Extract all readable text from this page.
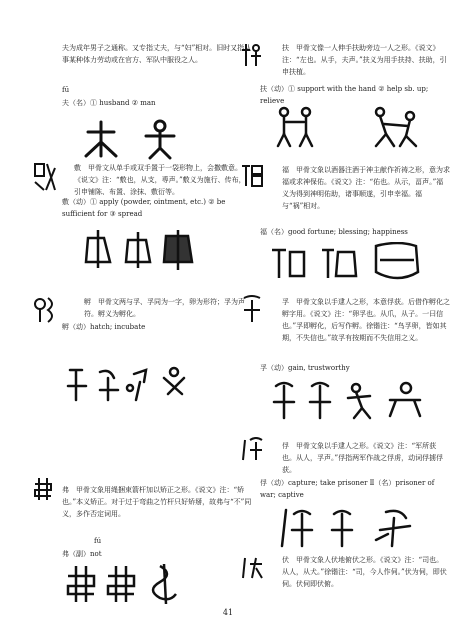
夫为成年男子之通称。又专指丈夫，与“妇”相对。旧时又指从事某种体力劳动或在官方、军队中服役之人。
fū
夫（名）① husband ② man
敷　甲骨文从单手或双手置于一袋形物上，会撒敷意。《说文》注：“敷也，从支，尃声。”敷义为施行、传布，引申铺陈、布置、涂抹、敷衍等。
敷（动）① apply (powder, ointment, etc.) ② be sufficient for ③ spread
孵　甲骨文两与孚、孚同为一字，卵为形符；孚为声符。孵义为孵化。
孵（动）hatch; incubate
弗　甲骨文象用绳捆束箭杆加以矫正之形。《说文》注：“矫也。”本义矫正。对于过于弯曲之竹杆只好矫掰，故弗与“不”同义，多作否定词用。
fú
弗（副）not
扶　甲骨文像一人伸手扶助旁边一人之形。《说文》注：“左也。从手，夫声。”扶义为用手扶持、扶助，引申扶植。
扶（动）① support with the hand ② help sb. up; relieve
福　甲骨文象以酒器注酒于神主献作祈祷之形，意为求福或求神保佑。《说文》注：“佑也。从示，畐声。”福义为得到神明佑助，诸事顺遂，引申幸福。福与“祸”相对。
福（名）good fortune; blessing; happiness
孚　甲骨文象以手逮人之形，本意俘获。后借作孵化之孵字用。《说文》注：“卵孚也。从爪，从子。一曰信也。”孚即孵化，后写作孵。徐锴注：“鸟孚卵，皆如其期，不失信也。”故孚有按期而不失信用之义。
孚（动）gain, trustworthy
俘　甲骨文象以手逮人之形。《说文》注：“军所获也。从人，孚声。”俘指两军作战之俘虏，动词俘掳俘获。
俘（动）capture; take prisoner Ⅱ（名）prisoner of war; captive
伏　甲骨文象人伏地俯伏之形。《说文》注：“司也。从人，从犬。”徐锴注：“司，今人作伺。”伏为伺，即伏伺。伏伺即伏俯。
41
